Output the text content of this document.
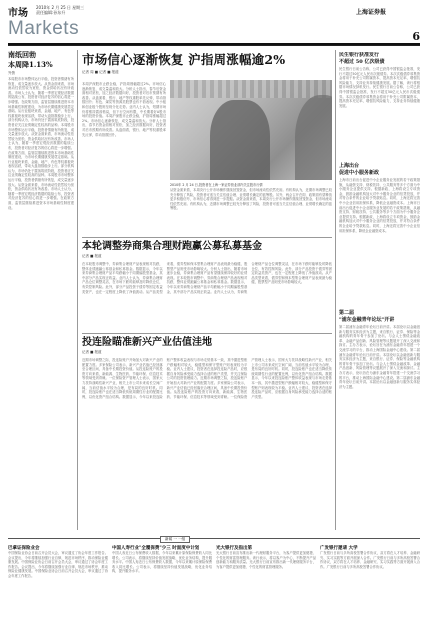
市场
2010年 2 月 25 日 星期三
责任编辑:孙东升
Markets
上海证券报
6
南纸回勃
本周降1.13%
外资
本周股市市场整体运行平稳，投资者情绪有所恢复，成交量逐步放大。从资金面来看，市场流动性依然较为宽松，资金供给状况有所改善。市场人士认为，随着一季度宏观经济数据的陆续公布，投资者对经济复苏的信心将进一步增强。在政策方面，监管层继续推进资本市场基础性制度建设，为市场长期健康发展奠定基础。从行业板块来看，金融、地产、有色等权重板块表现活跃，带动大盘指数稳步上行。部分机构认为，市场仍处于震荡筑底阶段，投资者应关注业绩确定性较高的品种。本周股市市场整体运行平稳，投资者情绪有所恢复，成交量逐步放大。从资金面来看，市场流动性依然较为宽松，资金供给状况有所改善。市场人士认为，随着一季度宏观经济数据的陆续公布，投资者对经济复苏的信心将进一步增强。在政策方面，监管层继续推进资本市场基础性制度建设，为市场长期健康发展奠定基础。从行业板块来看，金融、地产、有色等权重板块表现活跃，带动大盘指数稳步上行。部分机构认为，市场仍处于震荡筑底阶段，投资者应关注业绩确定性较高的品种。本周股市市场整体运行平稳，投资者情绪有所恢复，成交量逐步放大。从资金面来看，市场流动性依然较为宽松，资金供给状况有所改善。市场人士认为，随着一季度宏观经济数据的陆续公布，投资者对经济复苏的信心将进一步增强。在政策方面，监管层继续推进资本市场基础性制度建设。
市场信心逐渐恢复 沪指周涨幅逾2%
记者 周 ■ 记者 ■ 报道
本周沪深股市止跌企稳，沪指周涨幅超过2%。市场信心逐渐恢复，成交量温和放大。分析人士指出，春节后资金面相对宽松，加之经济数据向好，投资者对后市预期有所改善。从盘面看，银行、地产等权重股率先反弹，带动指数回升；有色、煤炭等资源类股票也有不俗表现。中小板和创业板个股则呈现分化走势。业内人士认为，短期市场仍将维持震荡格局，但下行空间有限，中长期看好A股市场的投资价值。本周沪深股市止跌企稳，沪指周涨幅超过2%。市场信心逐渐恢复，成交量温和放大。分析人士指出，春节后资金面相对宽松，加之经济数据向好，投资者对后市预期有所改善。从盘面看，银行、地产等权重股率先反弹，带动指数回升。
2010年 2 月 24 日,投资者在上海一家证券营业部内关注股市行情
从资金面来看，本周央行公开市场操作继续回笼资金，但市场流动性依然充裕。有机构认为，近期市场调整已较充分释放了风险，投资者可适当关注估值合理、业绩增长确定的蓝筹股。另外，两会召开在即，政策面有望释放更多积极信号，市场信心将得到进一步提振。从资金面来看，本周央行公开市场操作继续回笼资金，但市场流动性依然充裕。有机构认为，近期市场调整已较充分释放了风险，投资者可适当关注估值合理、业绩增长确定的蓝筹股。
本轮调整券商集合理财跑赢公募私募基金
记者 ■ 报道
在本轮股市调整中，券商集合理财产品表现相对抗跌，整体业绩跑赢公募基金和私募基金。数据显示，今年以来券商集合理财产品平均跌幅小于同期偏股型基金，其中部分产品实现正收益。业内人士认为，券商集合理财产品仓位调整灵活，在市场下跌时能够及时降低仓位，有效控制风险。此外，部分产品投资于债券等固定收益类资产，也在一定程度上降低了净值波动。从产品类型来看，债券型和保本型集合理财产品表现最为稳健，股票型产品则受市场影响较大。分析人士指出，随着市场逐步企稳，券商集合理财产品有望继续保持较好的业绩表现。在本轮股市调整中，券商集合理财产品表现相对抗跌，整体业绩跑赢公募基金和私募基金。数据显示，今年以来券商集合理财产品平均跌幅小于同期偏股型基金，其中部分产品实现正收益。业内人士认为，券商集合理财产品仓位调整灵活，在市场下跌时能够及时降低仓位，有效控制风险。此外，部分产品投资于债券等固定收益类资产，也在一定程度上降低了净值波动。从产品类型来看，债券型和保本型集合理财产品表现最为稳健，股票型产品则受市场影响较大。
投连险瞄准新兴产业估值洼地
记者 ■ 报道
近期市场调整之际，投连险账户开始加大对新兴产业的配置力度。多家保险公司表示，新兴产业估值已经回落至合理区间，具备中长期投资价值。从投连险账户的投资方向来看，新能源、生物医药、节能环保、信息技术等领域受到青睐。一位保险资产管理人士表示，国家大力扶持战略性新兴产业，相关上市公司未来成长空间广阔，当前估值水平较为合理，是布局的良好时机。同时，投连险账户也在适当降低传统周期性行业的配置比例，以优化资产组合结构。数据显示，今年以来投连险账户整体收益表现与市场走势基本一致，其中激进型账户跌幅相对较大，稳健型和保守型账户则表现较为平稳。业内人士建议，投资者在选择投连险产品时，应根据自身风险承受能力选择合适的账户类型，并关注保险公司的投资管理能力。近期市场调整之际，投连险账户开始加大对新兴产业的配置力度。多家保险公司表示，新兴产业估值已经回落至合理区间，具备中长期投资价值。从投连险账户的投资方向来看，新能源、生物医药、节能环保、信息技术等领域受到青睐。一位保险资产管理人士表示，国家大力扶持战略性新兴产业，相关上市公司未来成长空间广阔，当前估值水平较为合理，是布局的良好时机。同时，投连险账户也在适当降低传统周期性行业的配置比例，以优化资产组合结构。数据显示，今年以来投连险账户整体收益表现与市场走势基本一致，其中激进型账户跌幅相对较大，稳健型和保守型账户则表现较为平稳。业内人士建议，投资者在选择投连险产品时，应根据自身风险承受能力选择合适的账户类型。
民生银行获准发行
不超过 50 亿次级债
民生银行日前公告称，公司已获得中国银监会批准，发行不超过50亿元人民币次级债券。本次次级债券募集资金将用于补充公司附属资本，提高资本充足率，增强抗风险能力，支持业务持续健康发展。据了解，该行将根据市场情况择机发行。民生银行日前公告称，公司已获得中国银监会批准，发行不超过50亿元人民币次级债券。本次次级债券募集资金将用于补充公司附属资本，提高资本充足率，增强抗风险能力，支持业务持续健康发展。
上海出台
促进中小服务新政
上海市日前出台促进中小企业服务业发展的若干政策措施，从融资支持、财税扶持、公共服务等多个方面为中小服务企业提供支持。根据新政，上海将设立专项资金，鼓励金融机构加大对中小服务企业的信贷投放，并对符合条件的企业给予贷款贴息。同时，上海还将完善中小企业信用担保体系，降低企业融资成本。上海市日前出台促进中小企业服务业发展的若干政策措施，从融资支持、财税扶持、公共服务等多个方面为中小服务企业提供支持。根据新政，上海将设立专项资金，鼓励金融机构加大对中小服务企业的信贷投放，并对符合条件的企业给予贷款贴息。同时，上海还将完善中小企业信用担保体系，降低企业融资成本。
第二届
"浦东金融青年论坛"开讲
第二届浦东金融青年论坛日前开讲。本届论坛以金融创新与服务实体经济为主题，来自银行、证券、保险等金融机构的青年骨干参加了论坛。与会人士围绕金融改革、金融产品创新、风险管理等议题展开了深入交流和探讨。主办方表示，论坛旨在为浦东金融青年搭建一个交流学习的平台，推动上海国际金融中心建设。第二届浦东金融青年论坛日前开讲。本届论坛以金融创新与服务实体经济为主题，来自银行、证券、保险等金融机构的青年骨干参加了论坛。与会人士围绕金融改革、金融产品创新、风险管理等议题展开了深入交流和探讨。主办方表示，论坛旨在为浦东金融青年搭建一个交流学习的平台，推动上海国际金融中心建设。第二届浦东金融青年论坛日前开讲。本届论坛以金融创新与服务实体经济为主题。
新闻 一 一组
巴拿证保险业会
中国保险业协会日前召开会员大会，审议通过了协会年度工作报告。会议提出，今年将继续加强行业自律，规范市场秩序，推动保险业健康发展。中国保险业协会日前召开会员大会，审议通过了协会年度工作报告。会议提出，今年将继续加强行业自律，规范市场秩序，推动保险业健康发展。中国保险业协会日前召开会员大会，审议通过了协会年度工作报告。
中国人寿行业"全覆保费"少三 时面度中计划
中国人寿近日公布保费收入数据，今年以来累计原保险保费收入同比增长。公司表示，将继续坚持价值发展战略，优化业务结构，提升服务水平。中国人寿近日公布保费收入数据，今年以来累计原保险保费收入同比增长。公司表示，将继续坚持价值发展战略，优化业务结构，提升服务水平。
光大银行及指出第
光大银行日前宣布推出新一代理财服务平台，为客户提供更加便捷、个性化的财富管理服务。该行表示，将以客户为中心，不断提升产品创新能力和服务质量。光大银行日前宣布推出新一代理财服务平台，为客户提供更加便捷、个性化的财富管理服务。
广发银行邀请 大学
广发银行日前与多所高校签署合作协议，双方将在人才培养、金融研究、实习实践等方面开展深入合作。广发银行日前与多所高校签署合作协议，双方将在人才培养、金融研究、实习实践等方面开展深入合作。广发银行日前与多所高校签署合作协议。
